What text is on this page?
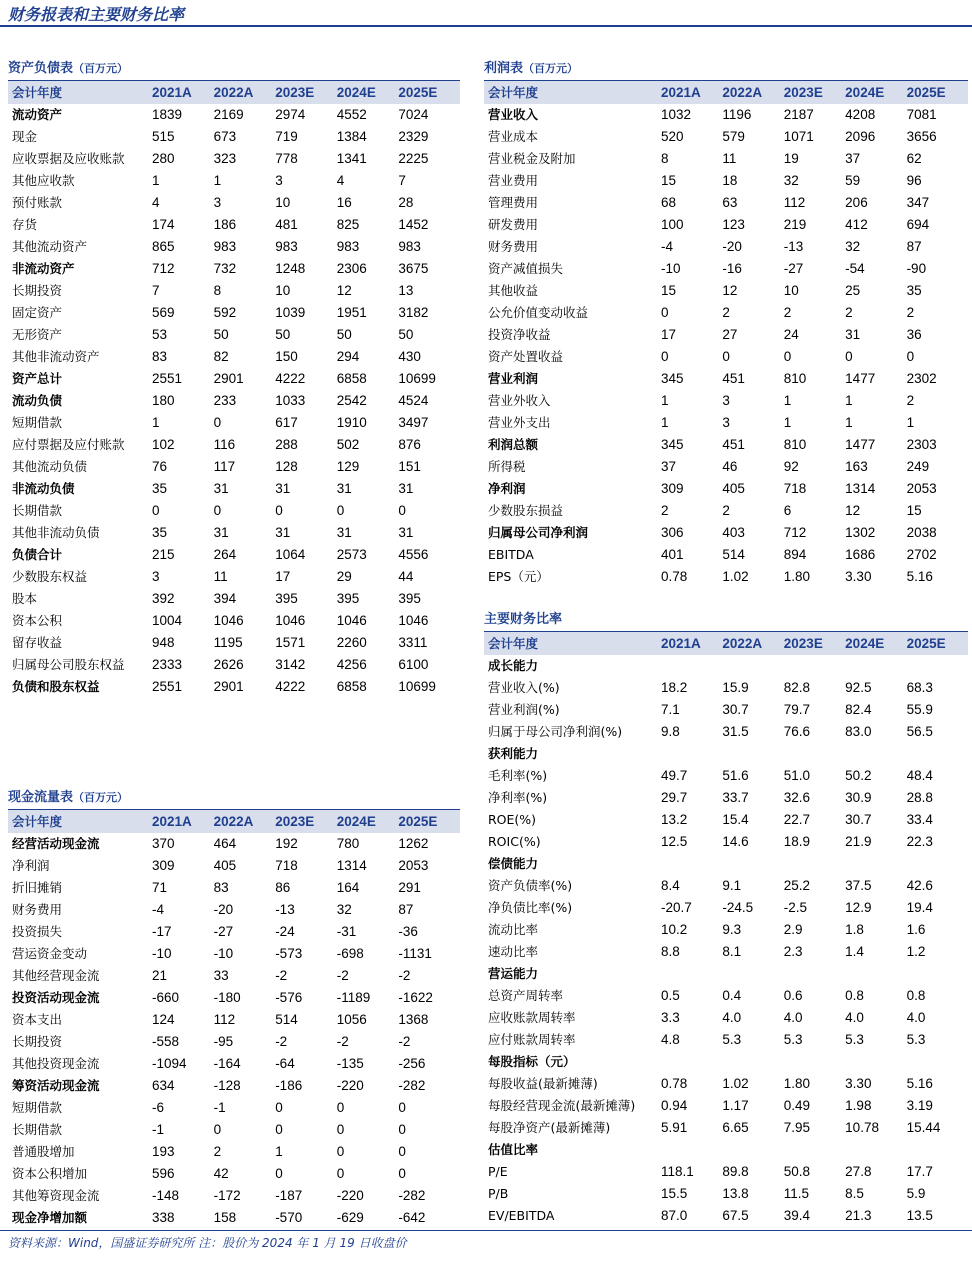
财务报表和主要财务比率
资产负债表（百万元）
会计年度	2021A	2022A	2023E	2024E	2025E
流动资产	1839	2169	2974	4552	7024
现金	515	673	719	1384	2329
应收票据及应收账款	280	323	778	1341	2225
其他应收款	1	1	3	4	7
预付账款	4	3	10	16	28
存货	174	186	481	825	1452
其他流动资产	865	983	983	983	983
非流动资产	712	732	1248	2306	3675
长期投资	7	8	10	12	13
固定资产	569	592	1039	1951	3182
无形资产	53	50	50	50	50
其他非流动资产	83	82	150	294	430
资产总计	2551	2901	4222	6858	10699
流动负债	180	233	1033	2542	4524
短期借款	1	0	617	1910	3497
应付票据及应付账款	102	116	288	502	876
其他流动负债	76	117	128	129	151
非流动负债	35	31	31	31	31
长期借款	0	0	0	0	0
其他非流动负债	35	31	31	31	31
负债合计	215	264	1064	2573	4556
少数股东权益	3	11	17	29	44
股本	392	394	395	395	395
资本公积	1004	1046	1046	1046	1046
留存收益	948	1195	1571	2260	3311
归属母公司股东权益	2333	2626	3142	4256	6100
负债和股东权益	2551	2901	4222	6858	10699
利润表（百万元）
会计年度	2021A	2022A	2023E	2024E	2025E
营业收入	1032	1196	2187	4208	7081
营业成本	520	579	1071	2096	3656
营业税金及附加	8	11	19	37	62
营业费用	15	18	32	59	96
管理费用	68	63	112	206	347
研发费用	100	123	219	412	694
财务费用	-4	-20	-13	32	87
资产减值损失	-10	-16	-27	-54	-90
其他收益	15	12	10	25	35
公允价值变动收益	0	2	2	2	2
投资净收益	17	27	24	31	36
资产处置收益	0	0	0	0	0
营业利润	345	451	810	1477	2302
营业外收入	1	3	1	1	2
营业外支出	1	3	1	1	1
利润总额	345	451	810	1477	2303
所得税	37	46	92	163	249
净利润	309	405	718	1314	2053
少数股东损益	2	2	6	12	15
归属母公司净利润	306	403	712	1302	2038
EBITDA	401	514	894	1686	2702
EPS（元）	0.78	1.02	1.80	3.30	5.16
主要财务比率
会计年度	2021A	2022A	2023E	2024E	2025E
成长能力					
营业收入(%)	18.2	15.9	82.8	92.5	68.3
营业利润(%)	7.1	30.7	79.7	82.4	55.9
归属于母公司净利润(%)	9.8	31.5	76.6	83.0	56.5
获利能力					
毛利率(%)	49.7	51.6	51.0	50.2	48.4
净利率(%)	29.7	33.7	32.6	30.9	28.8
ROE(%)	13.2	15.4	22.7	30.7	33.4
ROIC(%)	12.5	14.6	18.9	21.9	22.3
偿债能力					
资产负债率(%)	8.4	9.1	25.2	37.5	42.6
净负债比率(%)	-20.7	-24.5	-2.5	12.9	19.4
流动比率	10.2	9.3	2.9	1.8	1.6
速动比率	8.8	8.1	2.3	1.4	1.2
营运能力					
总资产周转率	0.5	0.4	0.6	0.8	0.8
应收账款周转率	3.3	4.0	4.0	4.0	4.0
应付账款周转率	4.8	5.3	5.3	5.3	5.3
每股指标（元）					
每股收益(最新摊薄)	0.78	1.02	1.80	3.30	5.16
每股经营现金流(最新摊薄)	0.94	1.17	0.49	1.98	3.19
每股净资产(最新摊薄)	5.91	6.65	7.95	10.78	15.44
估值比率					
P/E	118.1	89.8	50.8	27.8	17.7
P/B	15.5	13.8	11.5	8.5	5.9
EV/EBITDA	87.0	67.5	39.4	21.3	13.5
现金流量表（百万元）
会计年度	2021A	2022A	2023E	2024E	2025E
经营活动现金流	370	464	192	780	1262
净利润	309	405	718	1314	2053
折旧摊销	71	83	86	164	291
财务费用	-4	-20	-13	32	87
投资损失	-17	-27	-24	-31	-36
营运资金变动	-10	-10	-573	-698	-1131
其他经营现金流	21	33	-2	-2	-2
投资活动现金流	-660	-180	-576	-1189	-1622
资本支出	124	112	514	1056	1368
长期投资	-558	-95	-2	-2	-2
其他投资现金流	-1094	-164	-64	-135	-256
筹资活动现金流	634	-128	-186	-220	-282
短期借款	-6	-1	0	0	0
长期借款	-1	0	0	0	0
普通股增加	193	2	1	0	0
资本公积增加	596	42	0	0	0
其他筹资现金流	-148	-172	-187	-220	-282
现金净增加额	338	158	-570	-629	-642
资料来源：Wind，国盛证券研究所 注：股价为 2024 年 1 月 19 日收盘价
